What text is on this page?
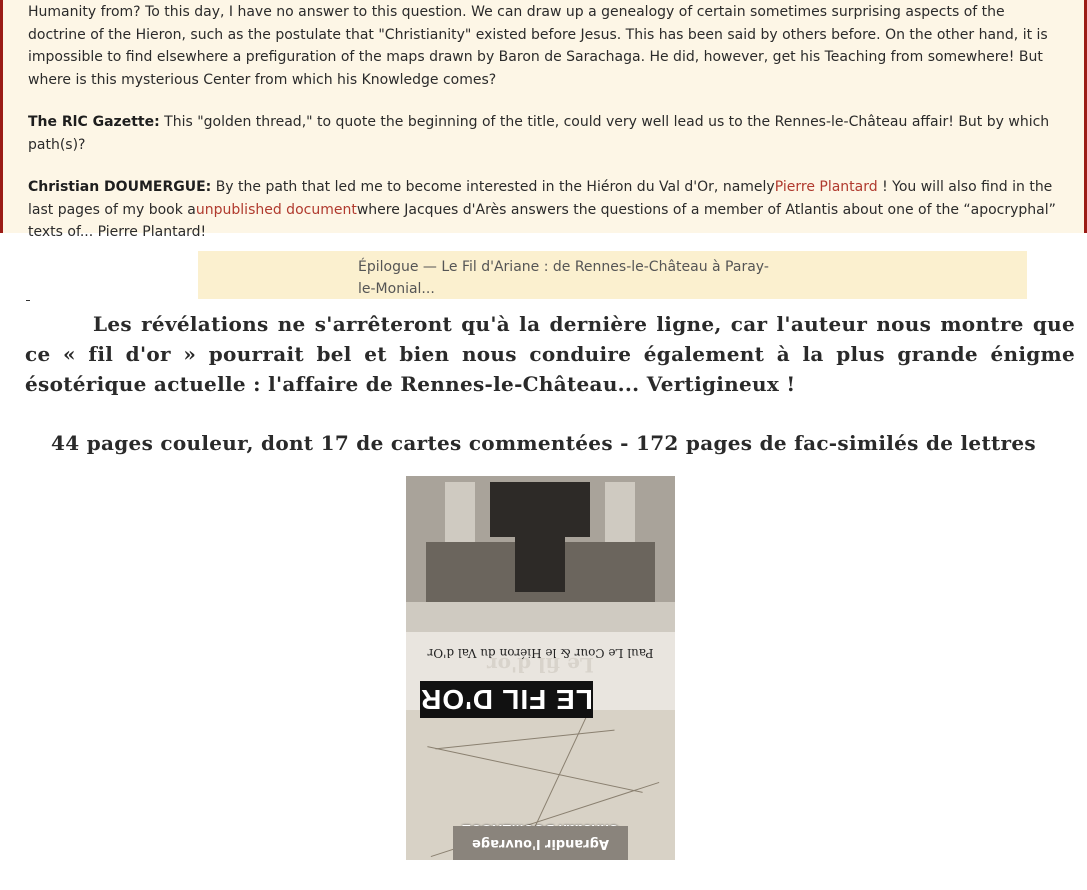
Humanity from? To this day, I have no answer to this question. We can draw up a genealogy of certain sometimes surprising aspects of the doctrine of the Hieron, such as the postulate that "Christianity" existed before Jesus. This has been said by others before. On the other hand, it is impossible to find elsewhere a prefiguration of the maps drawn by Baron de Sarachaga. He did, however, get his Teaching from somewhere! But where is this mysterious Center from which his Knowledge comes?

The RlC Gazette: This "golden thread," to quote the beginning of the title, could very well lead us to the Rennes-le-Château affair! But by which path(s)?

Christian DOUMERGUE: By the path that led me to become interested in the Hiéron du Val d'Or, namelyPierre Plantard ! You will also find in the last pages of my book aunpublished documentwhere Jacques d'Arès answers the questions of a member of Atlantis about one of the “apocryphal” texts of... Pierre Plantard!

Épilogue — Le Fil d'Ariane : de Rennes-le-Château à Paray-le-Monial...

Les révélations ne s'arrêteront qu'à la dernière ligne, car l'auteur nous montre que ce « fil d'or » pourrait bel et bien nous conduire également à la plus grande énigme ésotérique actuelle : l'affaire de Rennes-le-Château... Vertigineux !

44 pages couleur, dont 17 de cartes commentées - 172 pages de fac-similés de lettres

LE FIL D'OR
Le fil d'or
Paul Le Cour & le Hiéron du Val d'Or
Agrandir l'ouvrage
